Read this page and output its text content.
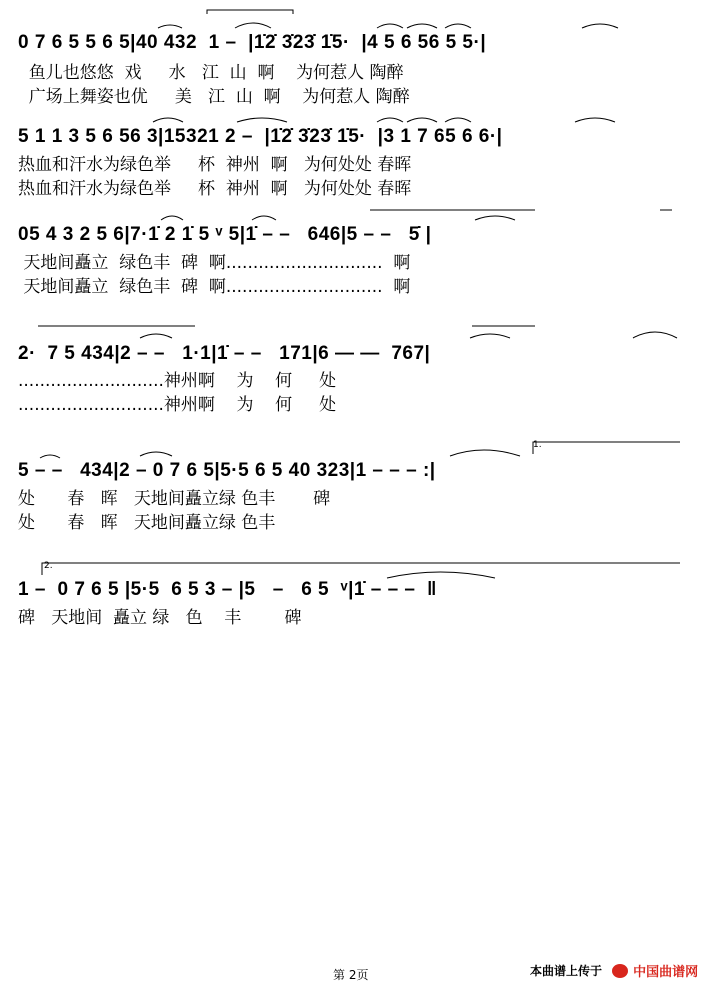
0 7 6 5 5 6 5|40 432  1 –  |1̇2̇ 3̇23̇ 1̇5·  |4 5 6 56 5 5·|
鱼儿也悠悠  戏     水   江  山  啊    为何惹人 陶醉
广场上舞姿也优     美   江  山  啊    为何惹人 陶醉
5 1 1 3 5 6 56 3|15321 2 –  |1̇2̇ 3̇23̇ 1̇5·  |3 1 7 65 6 6·|
热血和汗水为绿色举     杯  神州  啊   为何处处 春晖
热血和汗水为绿色举     杯  神州  啊   为何处处 春晖
05 4 3 2 5 6|7·1̇ 2 1̇ 5 ᵛ 5|1̇ – –   646|5 – –   5̇ |
天地间矗立  绿色丰  碑  啊.............................  啊
天地间矗立  绿色丰  碑  啊.............................  啊
2·  7 5 434|2 – –   1·1|1̇ – –   171|6 — —  767|
...........................神州啊    为    何     处
...........................神州啊    为    何     处
1.
5 – –   434|2 – 0 7 6 5|5·5 6 5 40 323|1 – – – :|
处      春   晖   天地间矗立绿 色丰       碑
处      春   晖   天地间矗立绿 色丰
2.
1 –  0 7 6 5 |5·5  6 5 3 – |5   –   6 5  ᵛ|1̇ – – –  ‖
碑   天地间  矗立 绿   色    丰        碑
第 2页	本曲谱上传于	中国曲谱网
